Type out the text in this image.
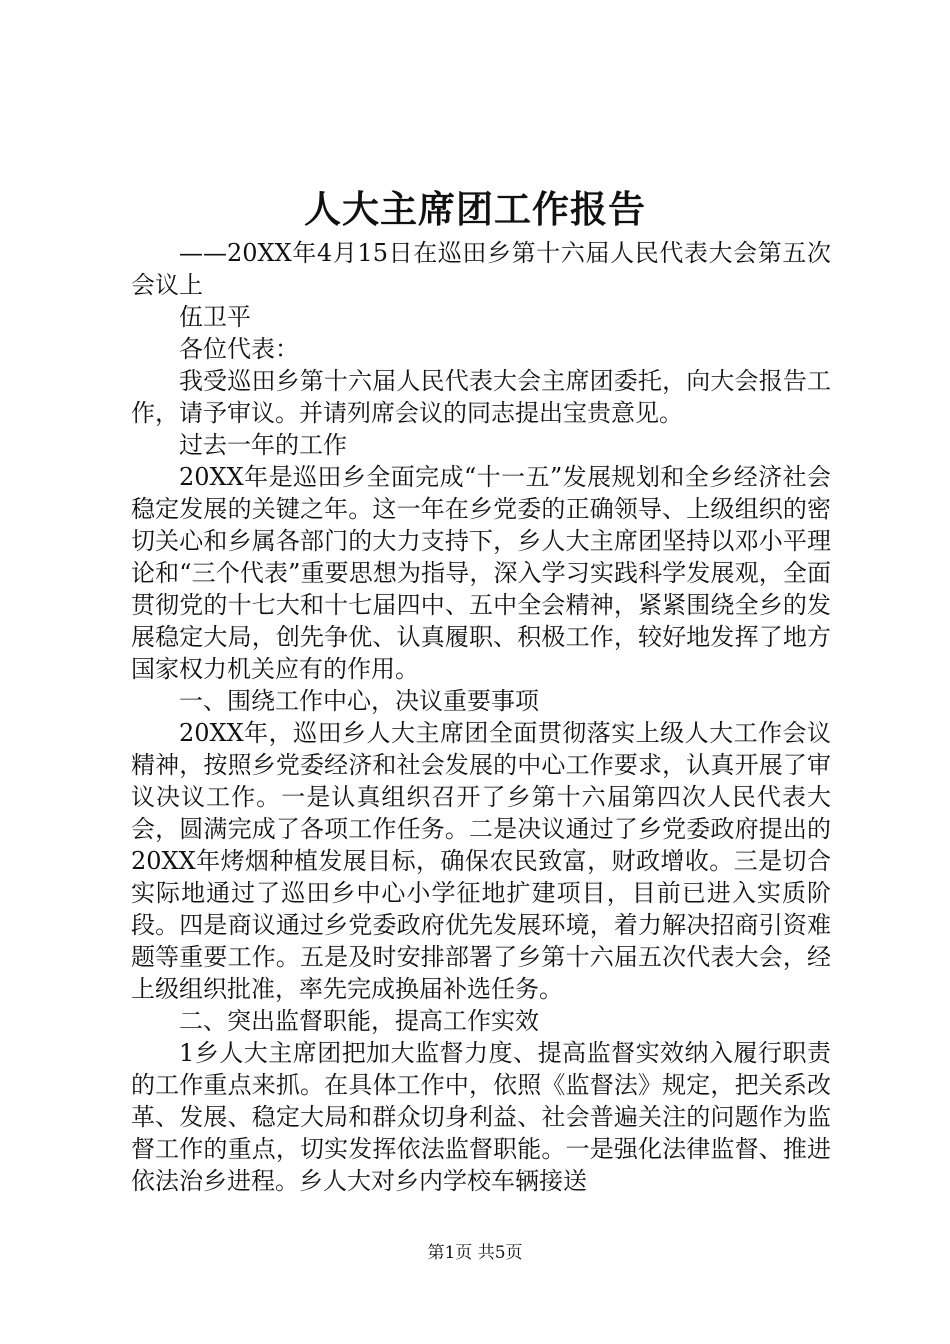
人大主席团工作报告

——20XX年4月15日在巡田乡第十六届人民代表大会第五次会议上

伍卫平

各位代表：

我受巡田乡第十六届人民代表大会主席团委托，向大会报告工作，请予审议。并请列席会议的同志提出宝贵意见。

过去一年的工作

20XX年是巡田乡全面完成“十一五”发展规划和全乡经济社会稳定发展的关键之年。这一年在乡党委的正确领导、上级组织的密切关心和乡属各部门的大力支持下，乡人大主席团坚持以邓小平理论和“三个代表”重要思想为指导，深入学习实践科学发展观，全面贯彻党的十七大和十七届四中、五中全会精神，紧紧围绕全乡的发展稳定大局，创先争优、认真履职、积极工作，较好地发挥了地方国家权力机关应有的作用。

一、围绕工作中心，决议重要事项

20XX年，巡田乡人大主席团全面贯彻落实上级人大工作会议精神，按照乡党委经济和社会发展的中心工作要求，认真开展了审议决议工作。一是认真组织召开了乡第十六届第四次人民代表大会，圆满完成了各项工作任务。二是决议通过了乡党委政府提出的20XX年烤烟种植发展目标，确保农民致富，财政增收。三是切合实际地通过了巡田乡中心小学征地扩建项目，目前已进入实质阶段。四是商议通过乡党委政府优先发展环境，着力解决招商引资难题等重要工作。五是及时安排部署了乡第十六届五次代表大会，经上级组织批准，率先完成换届补选任务。

二、突出监督职能，提高工作实效

1乡人大主席团把加大监督力度、提高监督实效纳入履行职责的工作重点来抓。在具体工作中，依照《监督法》规定，把关系改革、发展、稳定大局和群众切身利益、社会普遍关注的问题作为监督工作的重点，切实发挥依法监督职能。一是强化法律监督、推进依法治乡进程。乡人大对乡内学校车辆接送

第1页 共5页
